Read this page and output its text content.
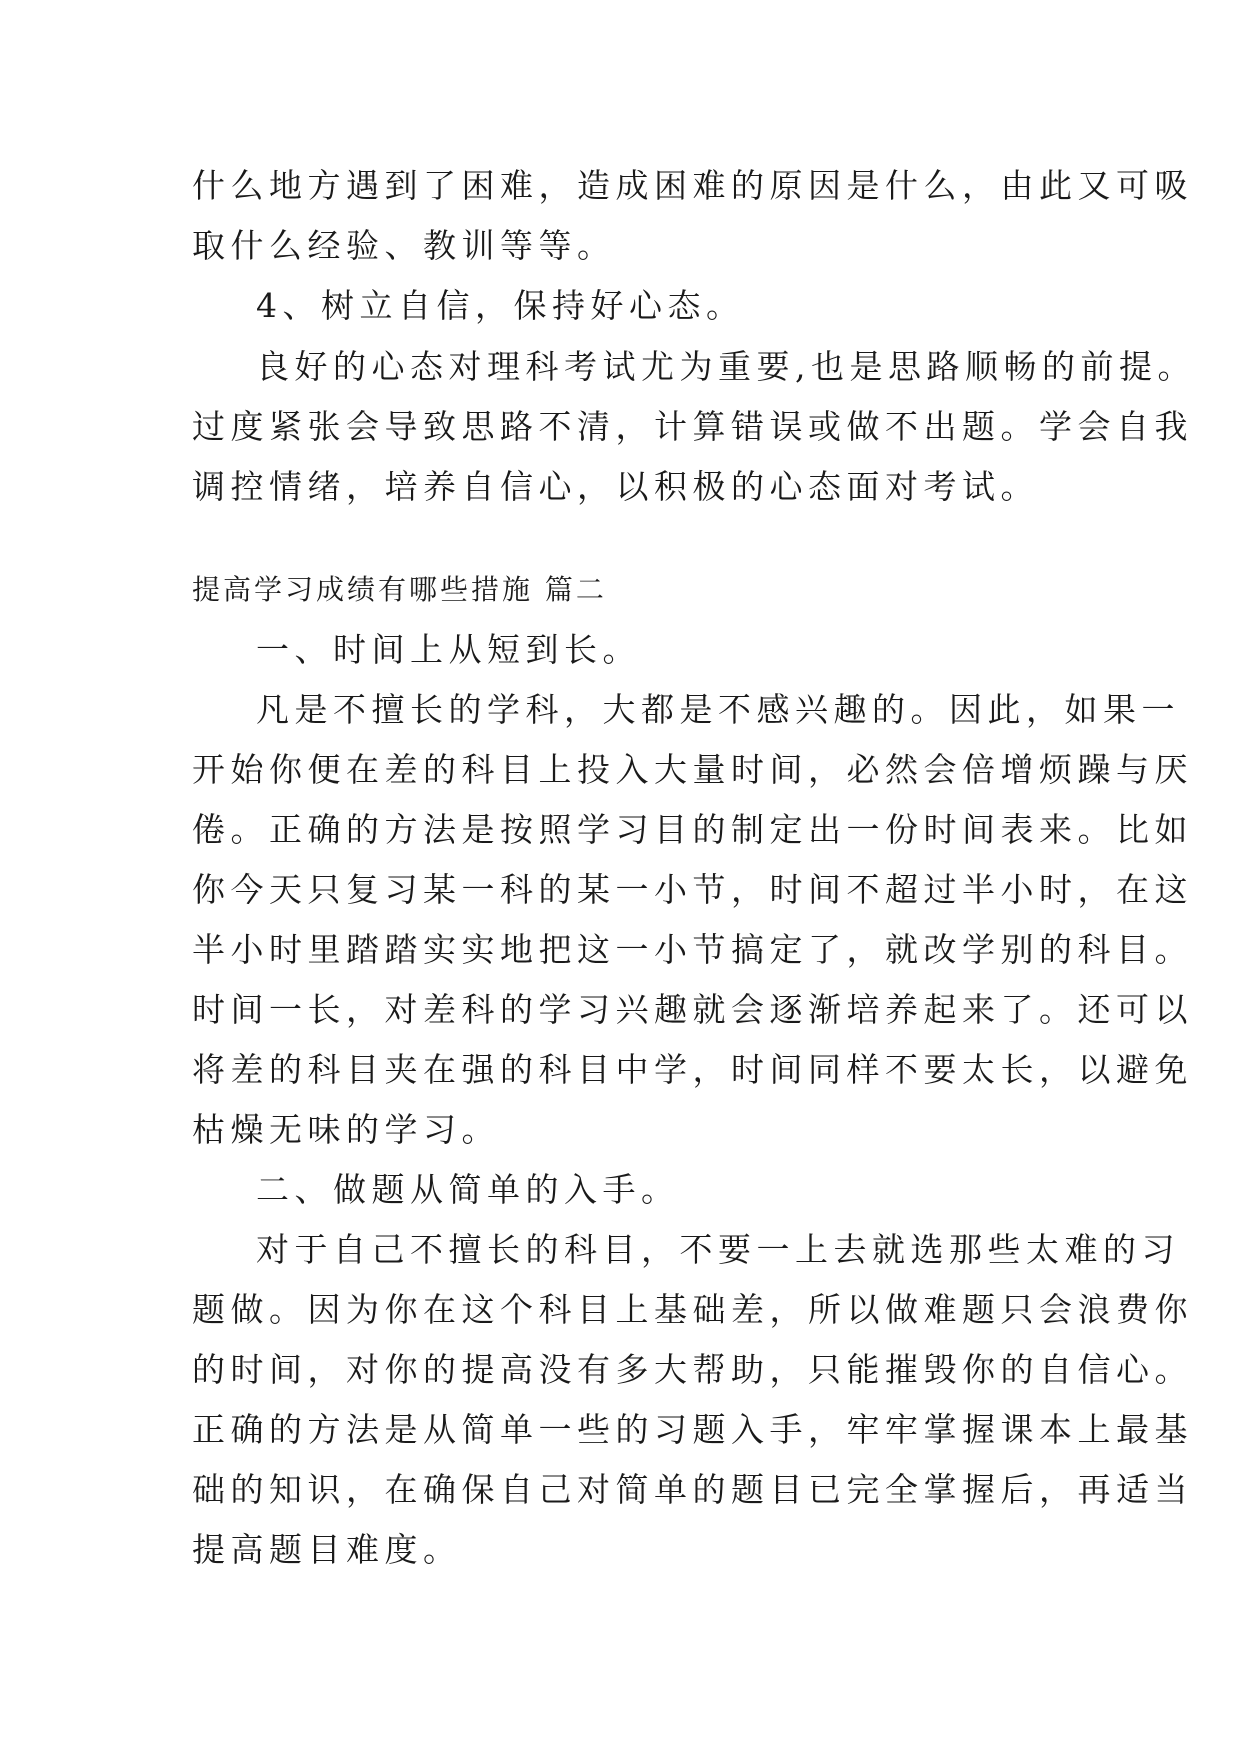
什么地方遇到了困难，造成困难的原因是什么，由此又可吸
取什么经验、教训等等。
4、树立自信，保持好心态。
良好的心态对理科考试尤为重要,也是思路顺畅的前提。
过度紧张会导致思路不清，计算错误或做不出题。学会自我
调控情绪，培养自信心，以积极的心态面对考试。
提高学习成绩有哪些措施 篇二
一、时间上从短到长。
凡是不擅长的学科，大都是不感兴趣的。因此，如果一
开始你便在差的科目上投入大量时间，必然会倍增烦躁与厌
倦。正确的方法是按照学习目的制定出一份时间表来。比如
你今天只复习某一科的某一小节，时间不超过半小时，在这
半小时里踏踏实实地把这一小节搞定了，就改学别的科目。
时间一长，对差科的学习兴趣就会逐渐培养起来了。还可以
将差的科目夹在强的科目中学，时间同样不要太长，以避免
枯燥无味的学习。
二、做题从简单的入手。
对于自己不擅长的科目，不要一上去就选那些太难的习
题做。因为你在这个科目上基础差，所以做难题只会浪费你
的时间，对你的提高没有多大帮助，只能摧毁你的自信心。
正确的方法是从简单一些的习题入手，牢牢掌握课本上最基
础的知识，在确保自己对简单的题目已完全掌握后，再适当
提高题目难度。
